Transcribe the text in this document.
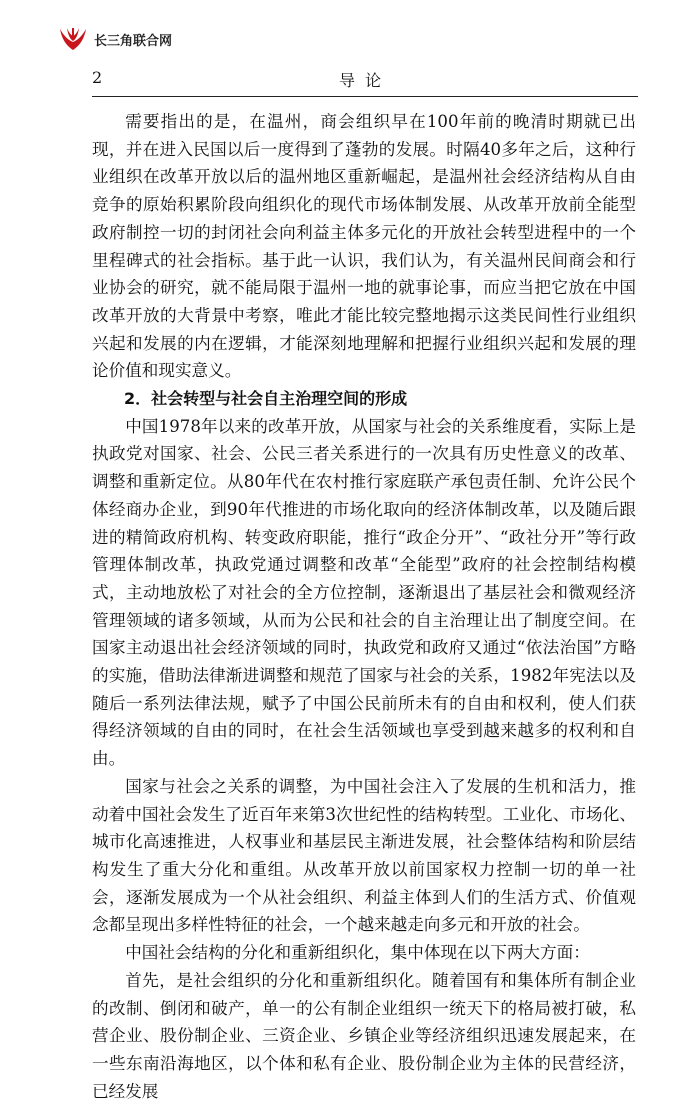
长三角联合网
2	导论

需要指出的是，在温州，商会组织早在100年前的晚清时期就已出现，并在进入民国以后一度得到了蓬勃的发展。时隔40多年之后，这种行业组织在改革开放以后的温州地区重新崛起，是温州社会经济结构从自由竞争的原始积累阶段向组织化的现代市场体制发展、从改革开放前全能型政府制控一切的封闭社会向利益主体多元化的开放社会转型进程中的一个里程碑式的社会指标。基于此一认识，我们认为，有关温州民间商会和行业协会的研究，就不能局限于温州一地的就事论事，而应当把它放在中国改革开放的大背景中考察，唯此才能比较完整地揭示这类民间性行业组织兴起和发展的内在逻辑，才能深刻地理解和把握行业组织兴起和发展的理论价值和现实意义。

2．社会转型与社会自主治理空间的形成

中国1978年以来的改革开放，从国家与社会的关系维度看，实际上是执政党对国家、社会、公民三者关系进行的一次具有历史性意义的改革、调整和重新定位。从80年代在农村推行家庭联产承包责任制、允许公民个体经商办企业，到90年代推进的市场化取向的经济体制改革，以及随后跟进的精简政府机构、转变政府职能，推行“政企分开”、“政社分开”等行政管理体制改革，执政党通过调整和改革“全能型”政府的社会控制结构模式，主动地放松了对社会的全方位控制，逐渐退出了基层社会和微观经济管理领域的诸多领域，从而为公民和社会的自主治理让出了制度空间。在国家主动退出社会经济领域的同时，执政党和政府又通过“依法治国”方略的实施，借助法律渐进调整和规范了国家与社会的关系，1982年宪法以及随后一系列法律法规，赋予了中国公民前所未有的自由和权利，使人们获得经济领域的自由的同时，在社会生活领域也享受到越来越多的权利和自由。

国家与社会之关系的调整，为中国社会注入了发展的生机和活力，推动着中国社会发生了近百年来第3次世纪性的结构转型。工业化、市场化、城市化高速推进，人权事业和基层民主渐进发展，社会整体结构和阶层结构发生了重大分化和重组。从改革开放以前国家权力控制一切的单一社会，逐渐发展成为一个从社会组织、利益主体到人们的生活方式、价值观念都呈现出多样性特征的社会，一个越来越走向多元和开放的社会。

中国社会结构的分化和重新组织化，集中体现在以下两大方面：

首先，是社会组织的分化和重新组织化。随着国有和集体所有制企业的改制、倒闭和破产，单一的公有制企业组织一统天下的格局被打破，私营企业、股份制企业、三资企业、乡镇企业等经济组织迅速发展起来，在一些东南沿海地区，以个体和私有企业、股份制企业为主体的民营经济，已经发展
